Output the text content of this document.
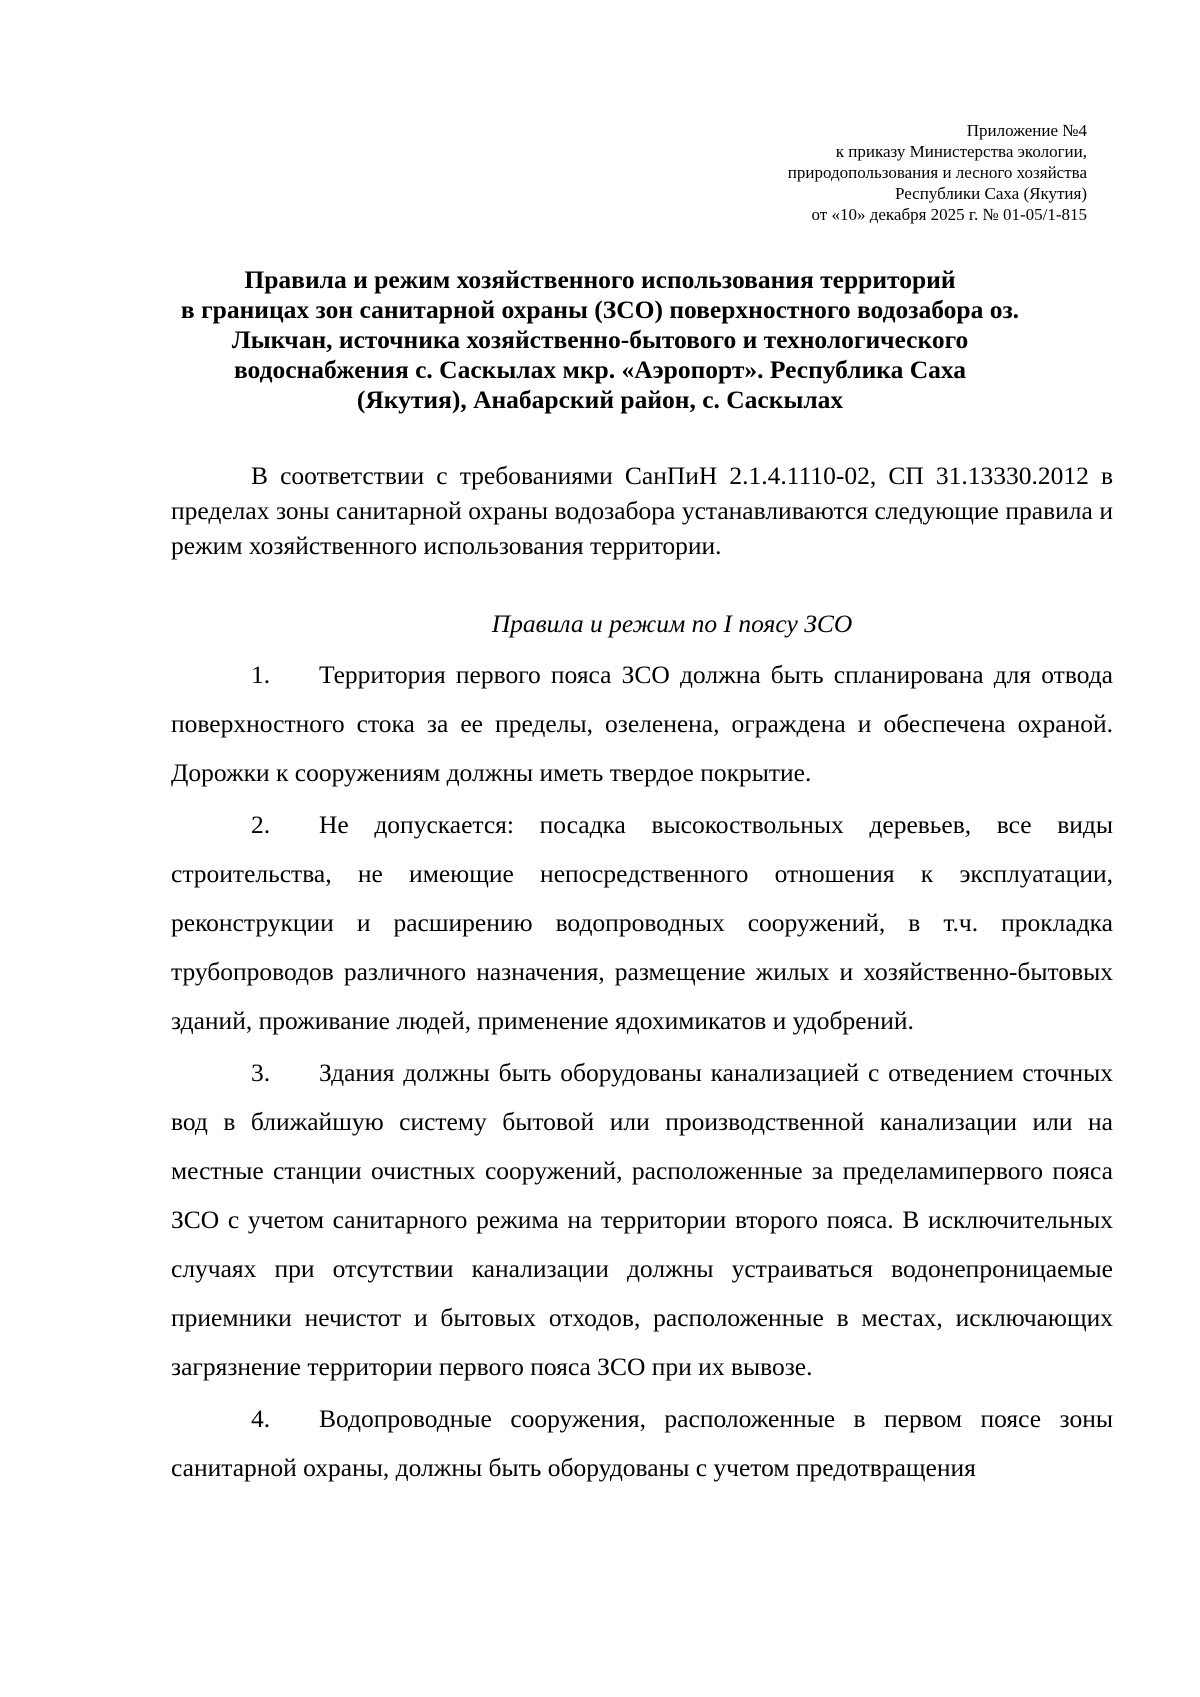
Приложение №4
к приказу Министерства экологии,
природопользования и лесного хозяйства
Республики Саха (Якутия)
от «10» декабря 2025 г. № 01-05/1-815
Правила и режим хозяйственного использования территорий
в границах зон санитарной охраны (ЗСО) поверхностного водозабора оз.
Лыкчан, источника хозяйственно-бытового и технологического
водоснабжения с. Саскылах мкр. «Аэропорт». Республика Саха
(Якутия), Анабарский район, с. Саскылах

В соответствии с требованиями СанПиН 2.1.4.1110-02, СП 31.13330.2012 в пределах зоны санитарной охраны водозабора устанавливаются следующие правила и режим хозяйственного использования территории.

Правила и режим по I поясу ЗСО

1. Территория первого пояса ЗСО должна быть спланирована для отвода поверхностного стока за ее пределы, озеленена, ограждена и обеспечена охраной. Дорожки к сооружениям должны иметь твердое покрытие.

2. Не допускается: посадка высокоствольных деревьев, все виды строительства, не имеющие непосредственного отношения к эксплуатации, реконструкции и расширению водопроводных сооружений, в т.ч. прокладка трубопроводов различного назначения, размещение жилых и хозяйственно-бытовых зданий, проживание людей, применение ядохимикатов и удобрений.

3. Здания должны быть оборудованы канализацией с отведением сточных вод в ближайшую систему бытовой или производственной канализации или на местные станции очистных сооружений, расположенные за пределамипервого пояса ЗСО с учетом санитарного режима на территории второго пояса. В исключительных случаях при отсутствии канализации должны устраиваться водонепроницаемые приемники нечистот и бытовых отходов, расположенные в местах, исключающих загрязнение территории первого пояса ЗСО при их вывозе.

4. Водопроводные сооружения, расположенные в первом поясе зоны санитарной охраны, должны быть оборудованы с учетом предотвращения
